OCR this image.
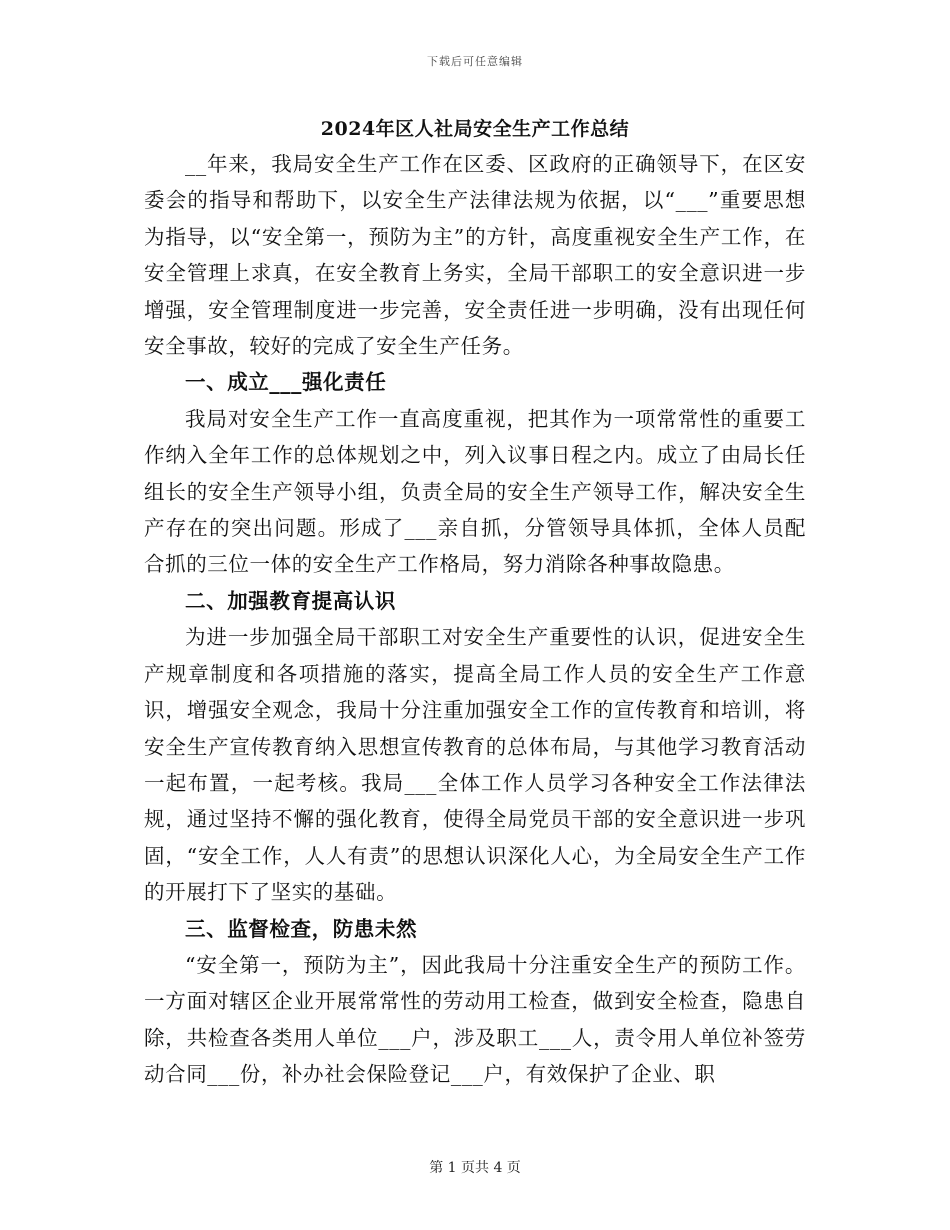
下载后可任意编辑
2024年区人社局安全生产工作总结

__年来，我局安全生产工作在区委、区政府的正确领导下，在区安委会的指导和帮助下，以安全生产法律法规为依据，以“___”重要思想为指导，以“安全第一，预防为主”的方针，高度重视安全生产工作，在安全管理上求真，在安全教育上务实，全局干部职工的安全意识进一步增强，安全管理制度进一步完善，安全责任进一步明确，没有出现任何安全事故，较好的完成了安全生产任务。

一、成立___强化责任

我局对安全生产工作一直高度重视，把其作为一项常常性的重要工作纳入全年工作的总体规划之中，列入议事日程之内。成立了由局长任组长的安全生产领导小组，负责全局的安全生产领导工作，解决安全生产存在的突出问题。形成了___亲自抓，分管领导具体抓，全体人员配合抓的三位一体的安全生产工作格局，努力消除各种事故隐患。

二、加强教育提高认识

为进一步加强全局干部职工对安全生产重要性的认识，促进安全生产规章制度和各项措施的落实，提高全局工作人员的安全生产工作意识，增强安全观念，我局十分注重加强安全工作的宣传教育和培训，将安全生产宣传教育纳入思想宣传教育的总体布局，与其他学习教育活动一起布置，一起考核。我局___全体工作人员学习各种安全工作法律法规，通过坚持不懈的强化教育，使得全局党员干部的安全意识进一步巩固，“安全工作，人人有责”的思想认识深化人心，为全局安全生产工作的开展打下了坚实的基础。

三、监督检查，防患未然

“安全第一，预防为主”，因此我局十分注重安全生产的预防工作。一方面对辖区企业开展常常性的劳动用工检查，做到安全检查，隐患自除，共检查各类用人单位___户，涉及职工___人，责令用人单位补签劳动合同___份，补办社会保险登记___户，有效保护了企业、职

第 1 页共 4 页
